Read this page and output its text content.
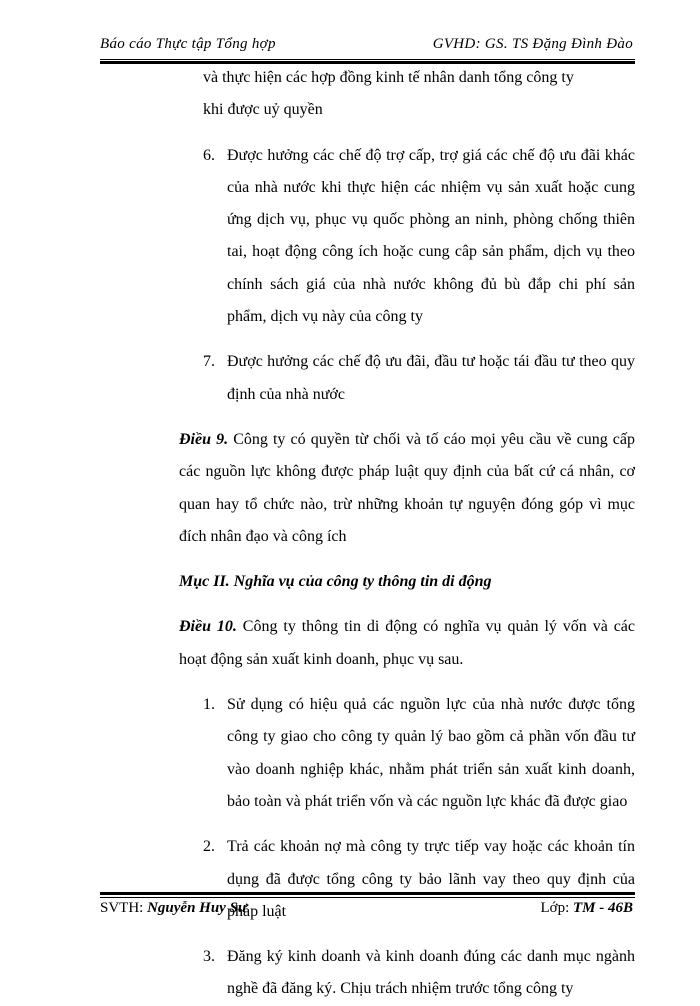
Báo cáo Thực tập Tổng hợp	GVHD: GS. TS Đặng Đình Đào

và thực hiện các hợp đồng kinh tế nhân danh tổng công ty

khi được uỷ quyền

6. Được hưởng các chế độ trợ cấp, trợ giá các chế độ ưu đãi khác của nhà nước khi thực hiện các nhiệm vụ sản xuất hoặc cung ứng dịch vụ, phục vụ quốc phòng an ninh, phòng chống thiên tai, hoạt động công ích hoặc cung câp sản phẩm, dịch vụ theo chính sách giá của nhà nước không đủ bù đắp chi phí sản phẩm, dịch vụ này của công ty
7. Được hưởng các chế độ ưu đãi, đầu tư hoặc tái đầu tư theo quy định của nhà nước

Điều 9. Công ty có quyền từ chối và tố cáo mọi yêu cầu về cung cấp các nguồn lực không được pháp luật quy định của bất cứ cá nhân, cơ quan hay tổ chức nào, trừ những khoản tự nguyện đóng góp vì mục đích nhân đạo và công ích

Mục II. Nghĩa vụ của công ty thông tin di động

Điều 10. Công ty thông tin di động có nghĩa vụ quản lý vốn và các hoạt động sản xuất kinh doanh, phục vụ sau.

1. Sử dụng có hiệu quả các nguồn lực của nhà nước được tổng công ty giao cho công ty quản lý bao gồm cả phần vốn đầu tư vào doanh nghiệp khác, nhằm phát triển sản xuất kinh doanh, bảo toàn và phát triển vốn và các nguồn lực khác đã được giao
2. Trả các khoản nợ mà công ty trực tiếp vay hoặc các khoản tín dụng đã được tổng công ty bảo lãnh vay theo quy định của pháp luật
3. Đăng ký kinh doanh và kinh doanh đúng các danh mục ngành nghề đã đăng ký. Chịu trách nhiệm trước tổng công ty
SVTH: Nguyễn Huy Sư	Lớp: TM - 46B
